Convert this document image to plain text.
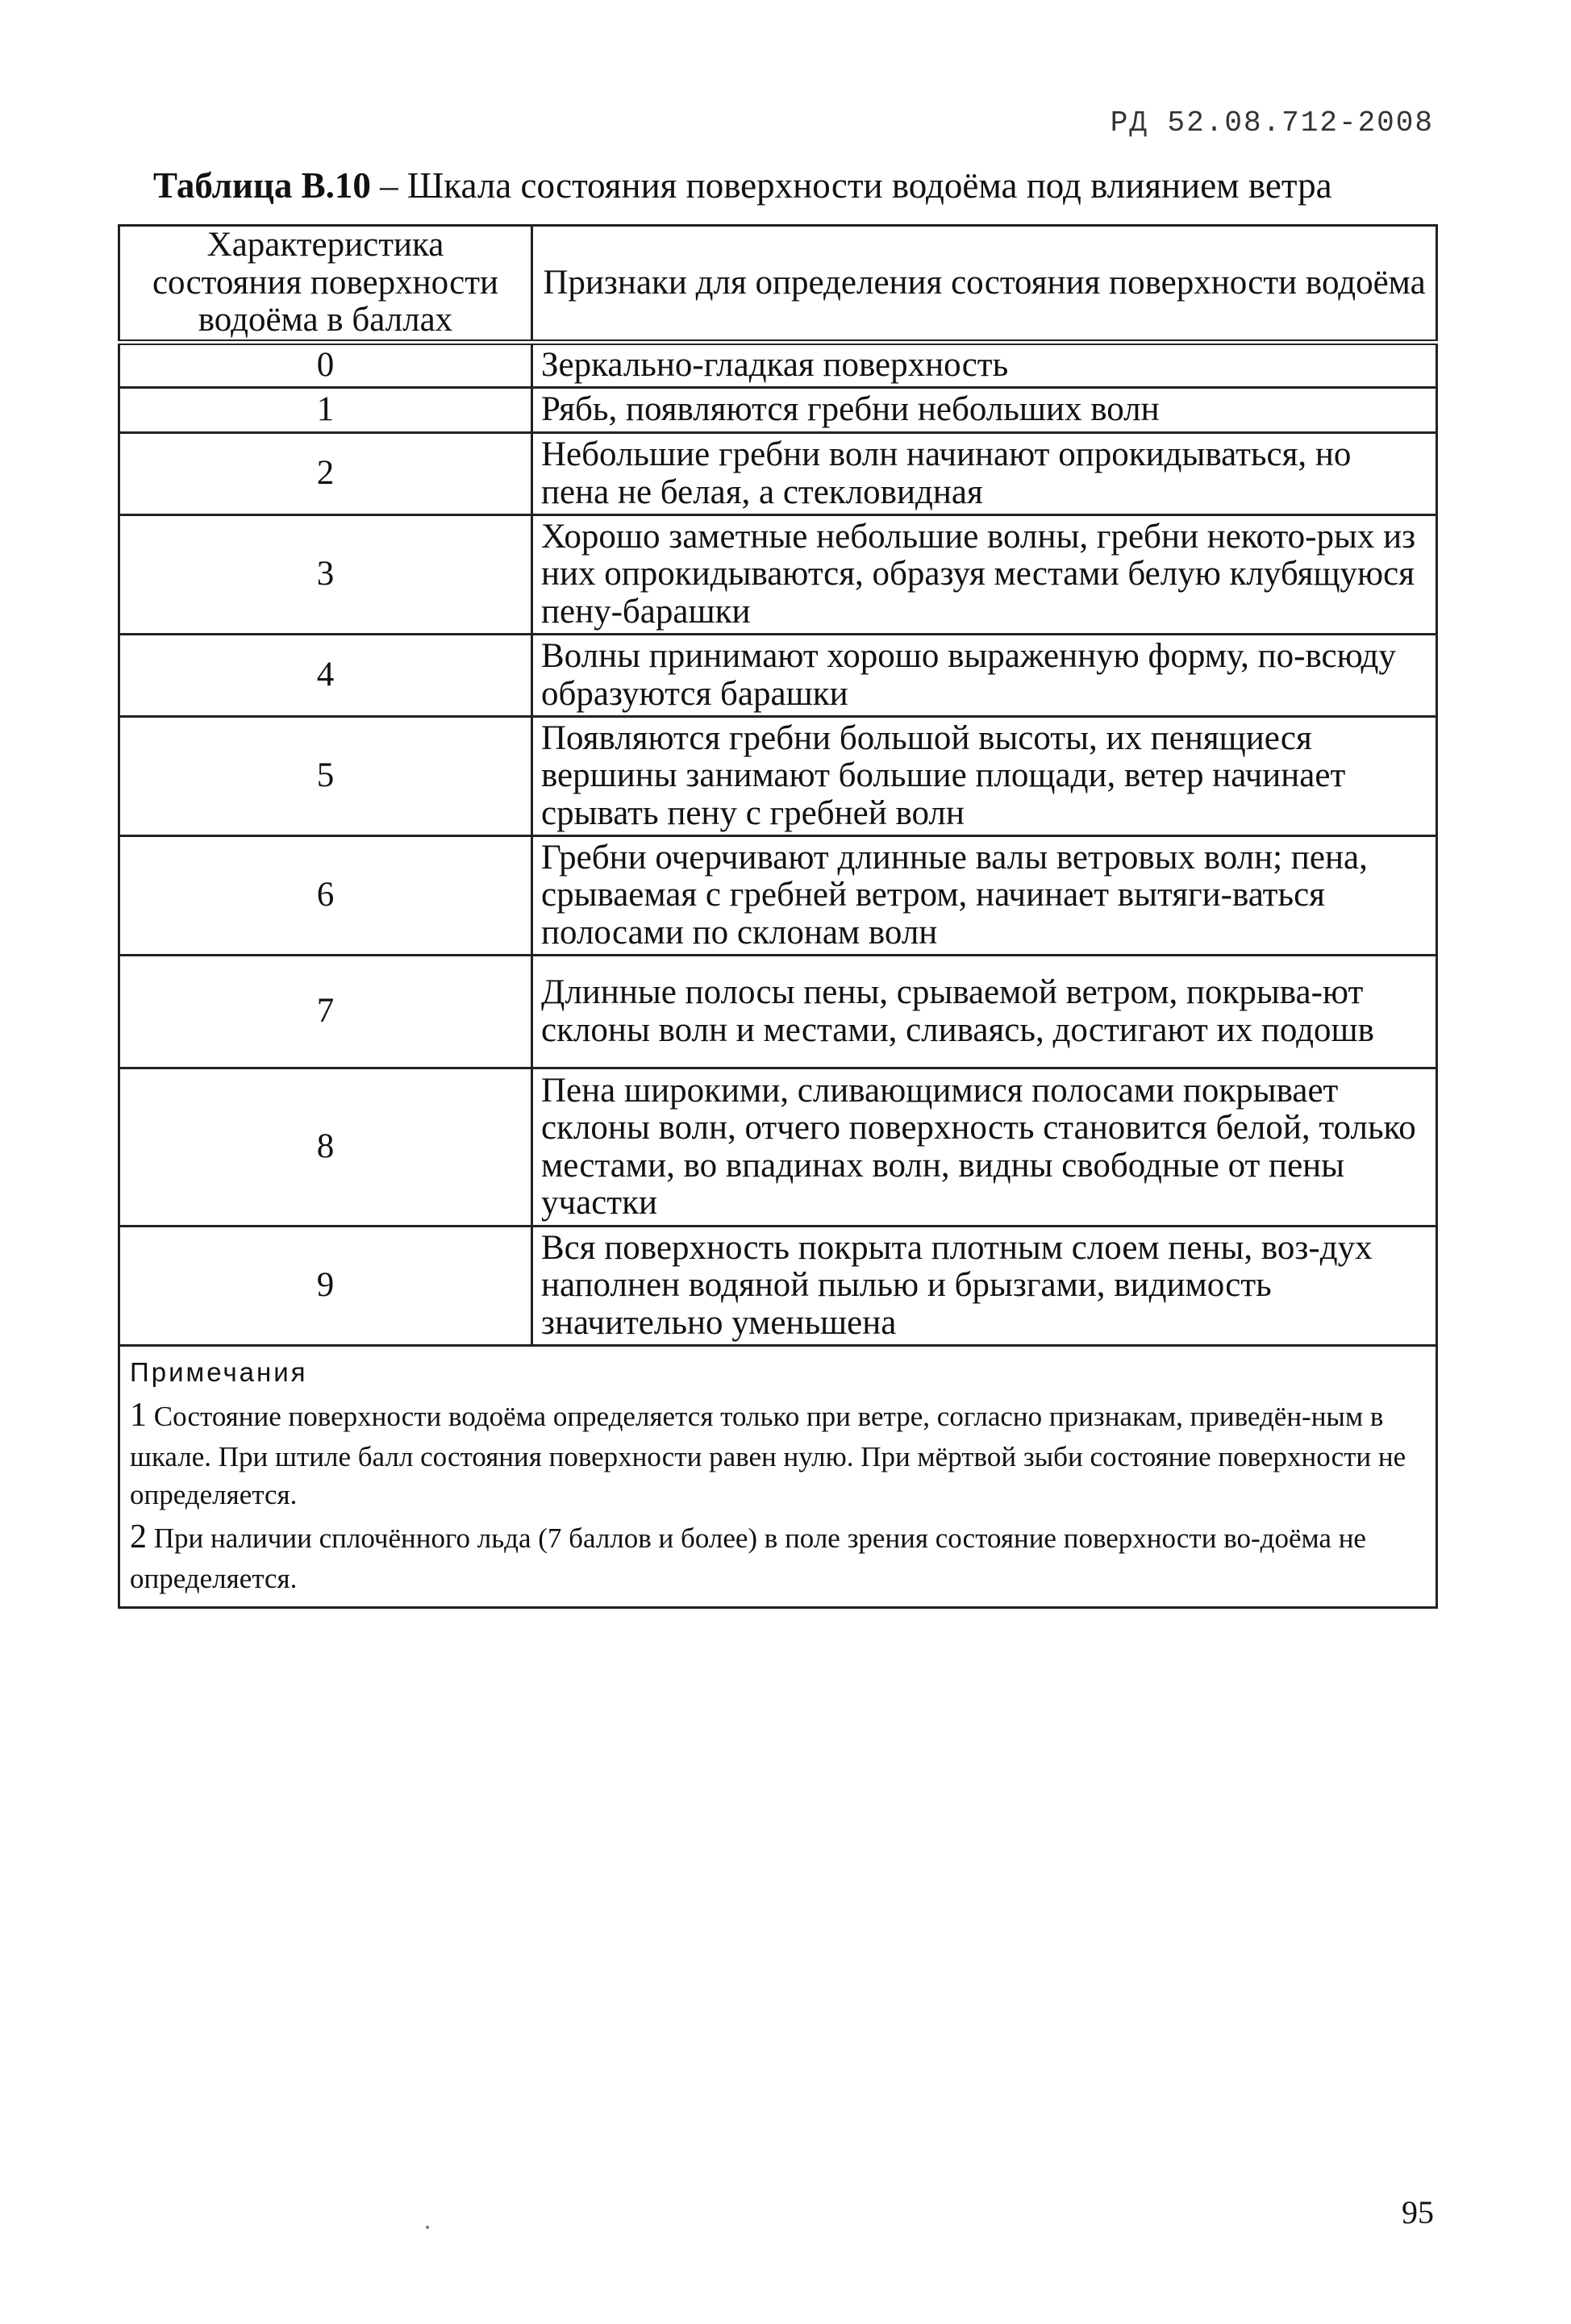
РД 52.08.712-2008
Таблица В.10 – Шкала состояния поверхности водоёма под влиянием ветра
Характеристика состояния поверхности водоёма в баллах	Признаки для определения состояния поверхности водоёма
0	Зеркально-гладкая поверхность
1	Рябь, появляются гребни небольших волн
2	Небольшие гребни волн начинают опрокидываться, но пена не белая, а стекловидная
3	Хорошо заметные небольшие волны, гребни некото-рых из них опрокидываются, образуя местами белую клубящуюся пену-барашки
4	Волны принимают хорошо выраженную форму, по-всюду образуются барашки
5	Появляются гребни большой высоты, их пенящиеся вершины занимают большие площади, ветер начинает срывать пену с гребней волн
6	Гребни очерчивают длинные валы ветровых волн; пена, срываемая с гребней ветром, начинает вытяги-ваться полосами по склонам волн
7	Длинные полосы пены, срываемой ветром, покрыва-ют склоны волн и местами, сливаясь, достигают их подошв
8	Пена широкими, сливающимися полосами покрывает склоны волн, отчего поверхность становится белой, только местами, во впадинах волн, видны свободные от пены участки
9	Вся поверхность покрыта плотным слоем пены, воз-дух наполнен водяной пылью и брызгами, видимость значительно уменьшена

Примечания
1 Состояние поверхности водоёма определяется только при ветре, согласно признакам, приведён-ным в шкале. При штиле балл состояния поверхности равен нулю. При мёртвой зыби состояние поверхности не определяется.
2 При наличии сплочённого льда (7 баллов и более) в поле зрения состояние поверхности во-доёма не определяется.	
95
